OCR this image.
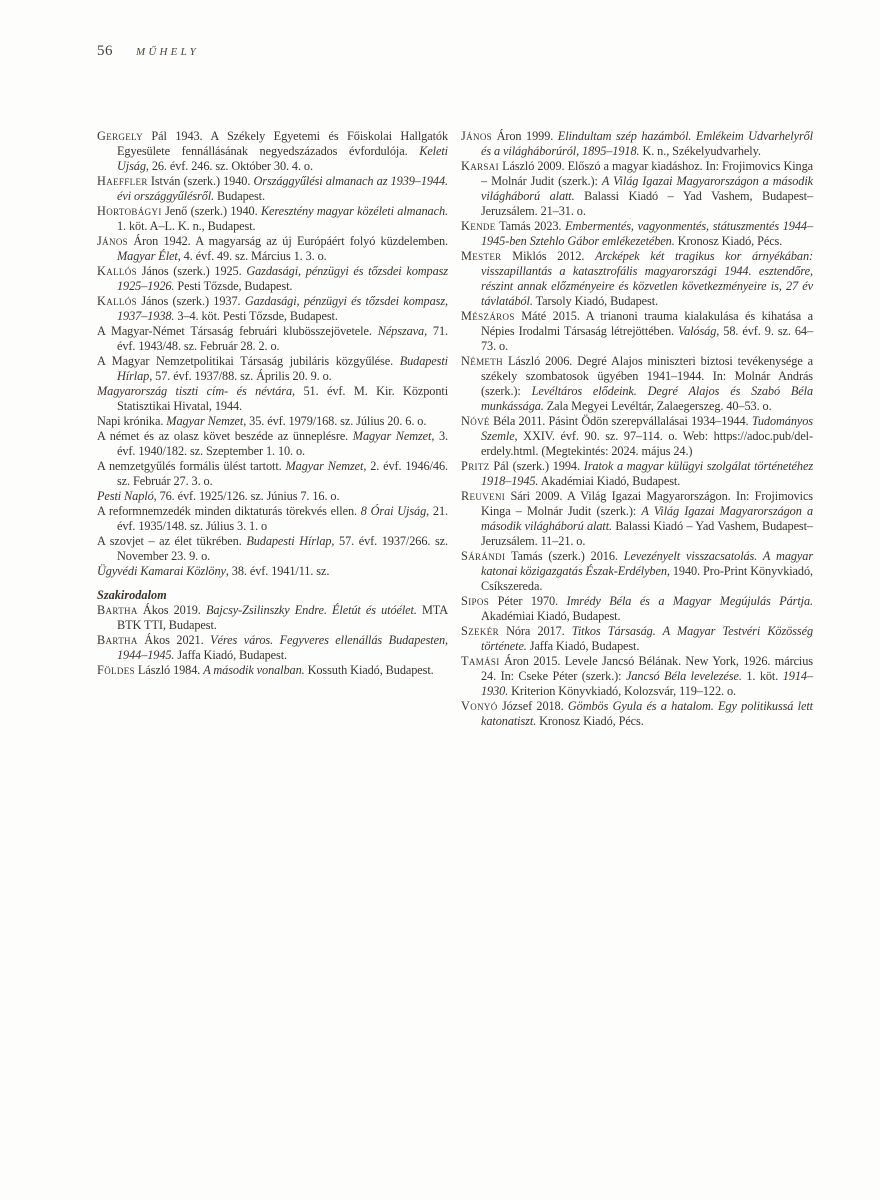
56 MŰHELY

Gergely Pál 1943. A Székely Egyetemi és Főiskolai Hallgatók Egyesülete fennállásának negyedszázados évfordulója. Keleti Ujság, 26. évf. 246. sz. Október 30. 4. o.

Haeffler István (szerk.) 1940. Országgyűlési almanach az 1939–1944. évi országgyűlésről. Budapest.

Hortobágyi Jenő (szerk.) 1940. Keresztény magyar közéleti almanach. 1. köt. A–L. K. n., Budapest.

János Áron 1942. A magyarság az új Európáért folyó küzdelemben. Magyar Élet, 4. évf. 49. sz. Március 1. 3. o.

Kallós János (szerk.) 1925. Gazdasági, pénzügyi és tőzsdei kompasz 1925–1926. Pesti Tőzsde, Budapest.

Kallós János (szerk.) 1937. Gazdasági, pénzügyi és tőzsdei kompasz, 1937–1938. 3–4. köt. Pesti Tőzsde, Budapest.

A Magyar-Német Társaság februári klubösszejövetele. Népszava, 71. évf. 1943/48. sz. Február 28. 2. o.

A Magyar Nemzetpolitikai Társaság jubiláris közgyűlése. Budapesti Hírlap, 57. évf. 1937/88. sz. Április 20. 9. o.

Magyarország tiszti cím- és névtára, 51. évf. M. Kir. Központi Statisztikai Hivatal, 1944.

Napi krónika. Magyar Nemzet, 35. évf. 1979/168. sz. Július 20. 6. o.

A német és az olasz követ beszéde az ünneplésre. Magyar Nemzet, 3. évf. 1940/182. sz. Szeptember 1. 10. o.

A nemzetgyűlés formális ülést tartott. Magyar Nemzet, 2. évf. 1946/46. sz. Február 27. 3. o.

Pesti Napló, 76. évf. 1925/126. sz. Június 7. 16. o.

A reformnemzedék minden diktaturás törekvés ellen. 8 Órai Ujság, 21. évf. 1935/148. sz. Július 3. 1. o

A szovjet – az élet tükrében. Budapesti Hírlap, 57. évf. 1937/266. sz. November 23. 9. o.

Ügyvédi Kamarai Közlöny, 38. évf. 1941/11. sz.

Szakirodalom

Bartha Ákos 2019. Bajcsy-Zsilinszky Endre. Életút és utóélet. MTA BTK TTI, Budapest.

Bartha Ákos 2021. Véres város. Fegyveres ellenállás Budapesten, 1944–1945. Jaffa Kiadó, Budapest.

Földes László 1984. A második vonalban. Kossuth Kiadó, Budapest.

János Áron 1999. Elindultam szép hazámból. Emlékeim Udvarhelyről és a világháborúról, 1895–1918. K. n., Székelyudvarhely.

Karsai László 2009. Előszó a magyar kiadáshoz. In: Frojimovics Kinga – Molnár Judit (szerk.): A Világ Igazai Magyarországon a második világháború alatt. Balassi Kiadó – Yad Vashem, Budapest–Jeruzsálem. 21–31. o.

Kende Tamás 2023. Embermentés, vagyonmentés, státuszmentés 1944–1945-ben Sztehlo Gábor emlékezetében. Kronosz Kiadó, Pécs.

Mester Miklós 2012. Arcképek két tragikus kor árnyékában: visszapillantás a katasztrofális magyarországi 1944. esztendőre, részint annak előzményeire és közvetlen következményeire is, 27 év távlatából. Tarsoly Kiadó, Budapest.

Mészáros Máté 2015. A trianoni trauma kialakulása és kihatása a Népies Irodalmi Társaság létrejöttében. Valóság, 58. évf. 9. sz. 64–73. o.

Németh László 2006. Degré Alajos miniszteri biztosi tevékenysége a székely szombatosok ügyében 1941–1944. In: Molnár András (szerk.): Levéltáros elődeink. Degré Alajos és Szabó Béla munkássága. Zala Megyei Levéltár, Zalaegerszeg. 40–53. o.

Nóvé Béla 2011. Pásint Ödön szerepvállalásai 1934–1944. Tudományos Szemle, XXIV. évf. 90. sz. 97–114. o. Web: https://adoc.pub/del-erdely.html. (Megtekintés: 2024. május 24.)

Pritz Pál (szerk.) 1994. Iratok a magyar külügyi szolgálat történetéhez 1918–1945. Akadémiai Kiadó, Budapest.

Reuveni Sári 2009. A Világ Igazai Magyarországon. In: Frojimovics Kinga – Molnár Judit (szerk.): A Világ Igazai Magyarországon a második világháború alatt. Balassi Kiadó – Yad Vashem, Budapest–Jeruzsálem. 11–21. o.

Sárándi Tamás (szerk.) 2016. Levezényelt visszacsatolás. A magyar katonai közigazgatás Észak-Erdélyben, 1940. Pro-Print Könyvkiadó, Csíkszereda.

Sipos Péter 1970. Imrédy Béla és a Magyar Megújulás Pártja. Akadémiai Kiadó, Budapest.

Szekér Nóra 2017. Titkos Társaság. A Magyar Testvéri Közösség története. Jaffa Kiadó, Budapest.

Tamási Áron 2015. Levele Jancsó Bélának. New York, 1926. március 24. In: Cseke Péter (szerk.): Jancsó Béla levelezése. 1. köt. 1914–1930. Kriterion Könyvkiadó, Kolozsvár, 119–122. o.

Vonyó József 2018. Gömbös Gyula és a hatalom. Egy politikussá lett katonatiszt. Kronosz Kiadó, Pécs.
